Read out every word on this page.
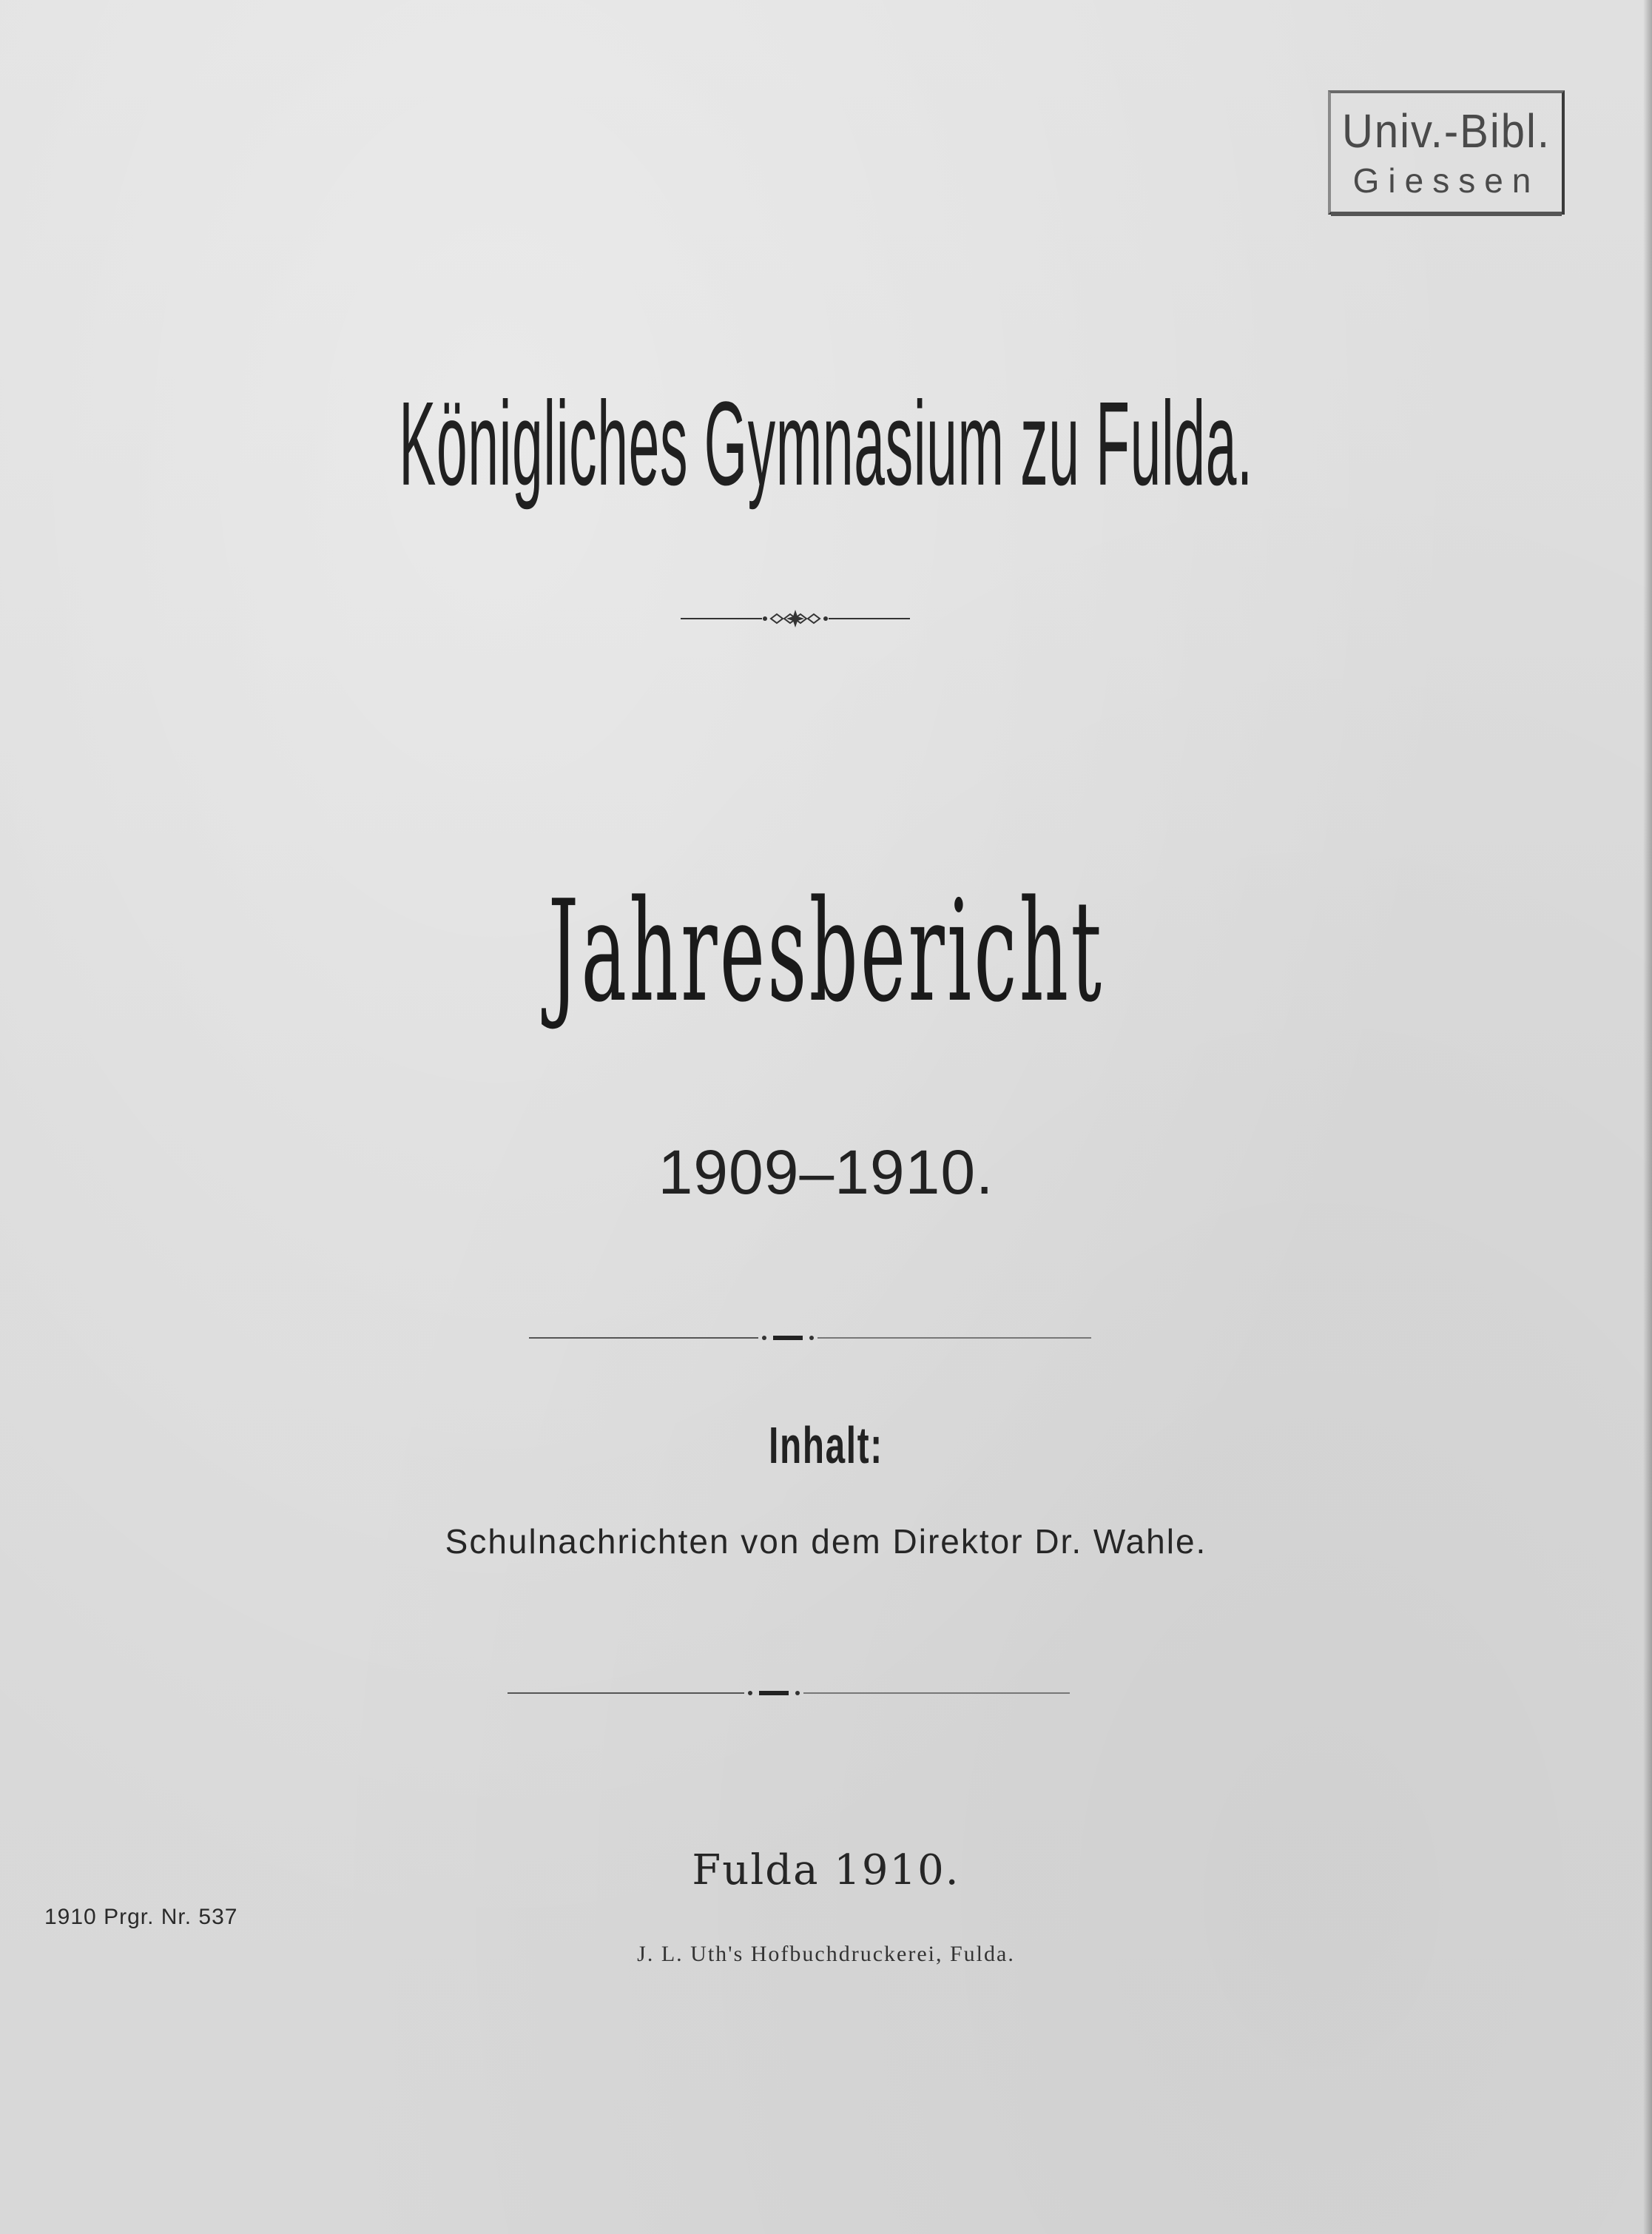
Univ.-Bibl.
Giessen
Königliches Gymnasium zu Fulda.
Jahresbericht
1909–1910.
Inhalt:
Schulnachrichten von dem Direktor Dr. Wahle.
Fulda 1910.
J. L. Uth's Hofbuchdruckerei, Fulda.
1910 Prgr. Nr. 537
